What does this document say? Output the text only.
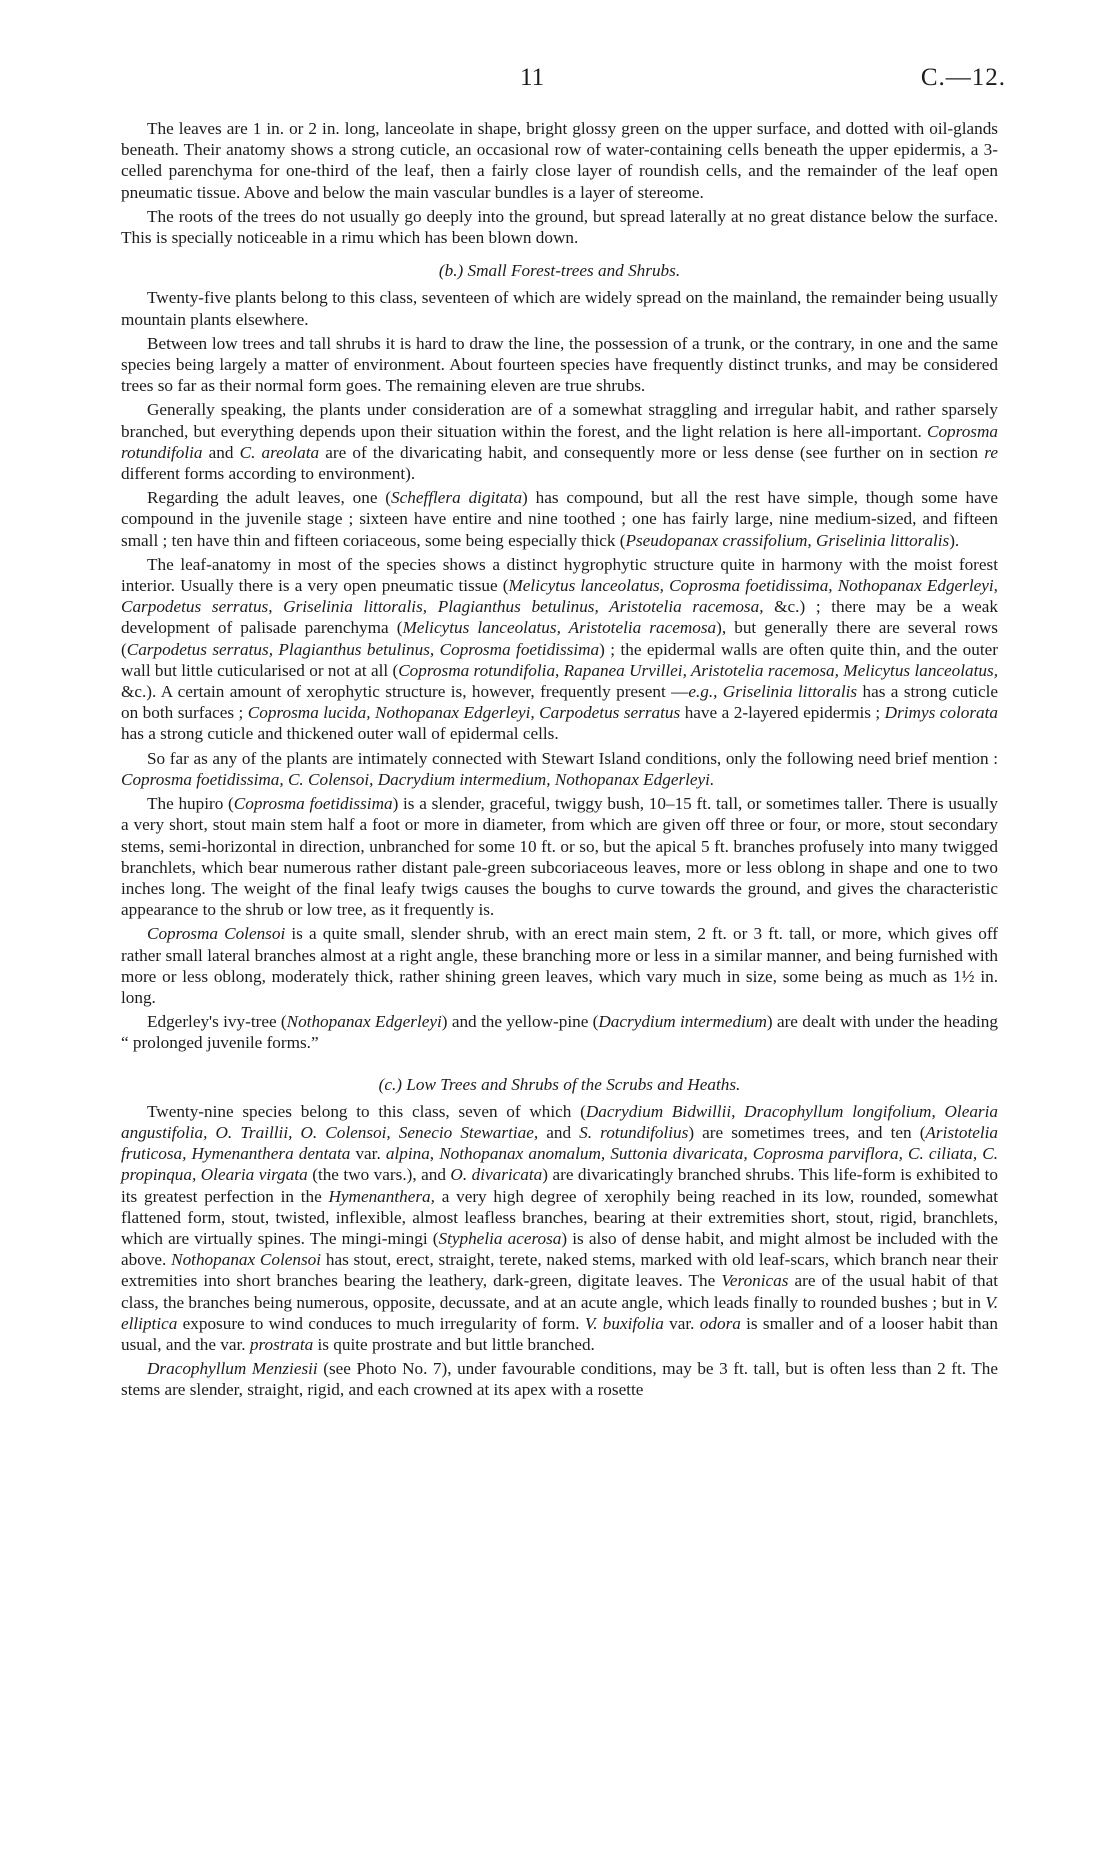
11	C.—12.

The leaves are 1 in. or 2 in. long, lanceolate in shape, bright glossy green on the upper surface, and dotted with oil-glands beneath. Their anatomy shows a strong cuticle, an occasional row of water-containing cells beneath the upper epidermis, a 3-celled parenchyma for one-third of the leaf, then a fairly close layer of roundish cells, and the remainder of the leaf open pneumatic tissue. Above and below the main vascular bundles is a layer of stereome.

The roots of the trees do not usually go deeply into the ground, but spread laterally at no great distance below the surface. This is specially noticeable in a rimu which has been blown down.

(b.) Small Forest-trees and Shrubs.

Twenty-five plants belong to this class, seventeen of which are widely spread on the mainland, the remainder being usually mountain plants elsewhere.

Between low trees and tall shrubs it is hard to draw the line, the possession of a trunk, or the contrary, in one and the same species being largely a matter of environment. About fourteen species have frequently distinct trunks, and may be considered trees so far as their normal form goes. The remaining eleven are true shrubs.

Generally speaking, the plants under consideration are of a somewhat straggling and irregular habit, and rather sparsely branched, but everything depends upon their situation within the forest, and the light relation is here all-important. Coprosma rotundifolia and C. areolata are of the divaricating habit, and consequently more or less dense (see further on in section re different forms according to environment).

Regarding the adult leaves, one (Schefflera digitata) has compound, but all the rest have simple, though some have compound in the juvenile stage ; sixteen have entire and nine toothed ; one has fairly large, nine medium-sized, and fifteen small ; ten have thin and fifteen coriaceous, some being especially thick (Pseudopanax crassifolium, Griselinia littoralis).

The leaf-anatomy in most of the species shows a distinct hygrophytic structure quite in harmony with the moist forest interior. Usually there is a very open pneumatic tissue (Melicytus lanceolatus, Coprosma foetidissima, Nothopanax Edgerleyi, Carpodetus serratus, Griselinia littoralis, Plagianthus betulinus, Aristotelia racemosa, &c.) ; there may be a weak development of palisade parenchyma (Melicytus lanceolatus, Aristotelia racemosa), but generally there are several rows (Carpodetus serratus, Plagianthus betulinus, Coprosma foetidissima) ; the epidermal walls are often quite thin, and the outer wall but little cuticularised or not at all (Coprosma rotundifolia, Rapanea Urvillei, Aristotelia racemosa, Melicytus lanceolatus, &c.). A certain amount of xerophytic structure is, however, frequently present —e.g., Griselinia littoralis has a strong cuticle on both surfaces ; Coprosma lucida, Nothopanax Edgerleyi, Carpodetus serratus have a 2-layered epidermis ; Drimys colorata has a strong cuticle and thickened outer wall of epidermal cells.

So far as any of the plants are intimately connected with Stewart Island conditions, only the following need brief mention : Coprosma foetidissima, C. Colensoi, Dacrydium intermedium, Nothopanax Edgerleyi.

The hupiro (Coprosma foetidissima) is a slender, graceful, twiggy bush, 10–15 ft. tall, or sometimes taller. There is usually a very short, stout main stem half a foot or more in diameter, from which are given off three or four, or more, stout secondary stems, semi-horizontal in direction, unbranched for some 10 ft. or so, but the apical 5 ft. branches profusely into many twigged branchlets, which bear numerous rather distant pale-green subcoriaceous leaves, more or less oblong in shape and one to two inches long. The weight of the final leafy twigs causes the boughs to curve towards the ground, and gives the characteristic appearance to the shrub or low tree, as it frequently is.

Coprosma Colensoi is a quite small, slender shrub, with an erect main stem, 2 ft. or 3 ft. tall, or more, which gives off rather small lateral branches almost at a right angle, these branching more or less in a similar manner, and being furnished with more or less oblong, moderately thick, rather shining green leaves, which vary much in size, some being as much as 1½ in. long.

Edgerley's ivy-tree (Nothopanax Edgerleyi) and the yellow-pine (Dacrydium intermedium) are dealt with under the heading “ prolonged juvenile forms.”

(c.) Low Trees and Shrubs of the Scrubs and Heaths.

Twenty-nine species belong to this class, seven of which (Dacrydium Bidwillii, Dracophyllum longifolium, Olearia angustifolia, O. Traillii, O. Colensoi, Senecio Stewartiae, and S. rotundifolius) are sometimes trees, and ten (Aristotelia fruticosa, Hymenanthera dentata var. alpina, Nothopanax anomalum, Suttonia divaricata, Coprosma parviflora, C. ciliata, C. propinqua, Olearia virgata (the two vars.), and O. divaricata) are divaricatingly branched shrubs. This life-form is exhibited to its greatest perfection in the Hymenanthera, a very high degree of xerophily being reached in its low, rounded, somewhat flattened form, stout, twisted, inflexible, almost leafless branches, bearing at their extremities short, stout, rigid, branchlets, which are virtually spines. The mingi-mingi (Styphelia acerosa) is also of dense habit, and might almost be included with the above. Nothopanax Colensoi has stout, erect, straight, terete, naked stems, marked with old leaf-scars, which branch near their extremities into short branches bearing the leathery, dark-green, digitate leaves. The Veronicas are of the usual habit of that class, the branches being numerous, opposite, decussate, and at an acute angle, which leads finally to rounded bushes ; but in V. elliptica exposure to wind conduces to much irregularity of form. V. buxifolia var. odora is smaller and of a looser habit than usual, and the var. prostrata is quite prostrate and but little branched.

Dracophyllum Menziesii (see Photo No. 7), under favourable conditions, may be 3 ft. tall, but is often less than 2 ft. The stems are slender, straight, rigid, and each crowned at its apex with a rosette
